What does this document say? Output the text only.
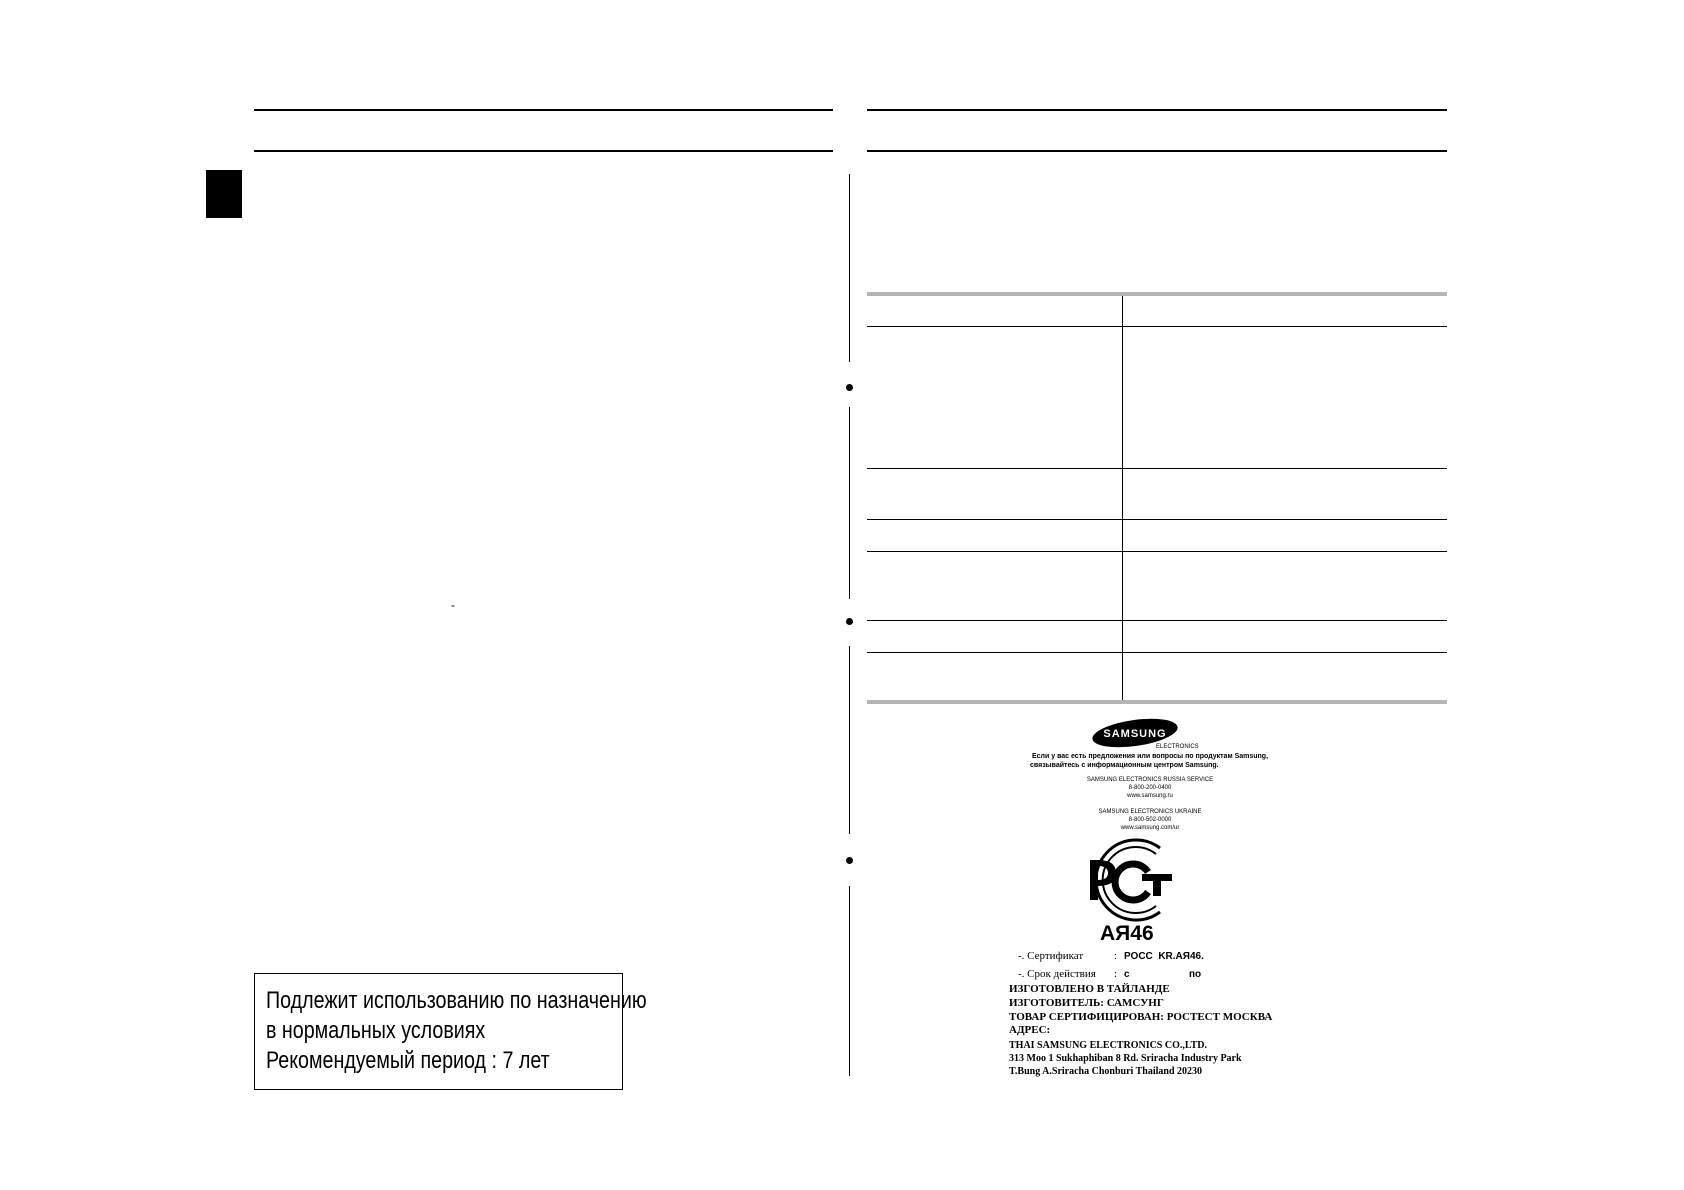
-
Подлежит использованию по назначению
в нормальных условиях
Рекомендуемый период : 7 лет
SAMSUNG
ELECTRONICS
Если у вас есть предложения или вопросы по продуктам Samsung,
связывайтесь с информационным центром Samsung.
SAMSUNG ELECTRONICS RUSSIA SERVICE
8-800-200-0400
www.samsung.ru
SAMSUNG ELECTRONICS UKRAINE
8-800-502-0000
www.samsung.com/ur
АЯ46
-. Сертификат	: РОСС  KR.АЯ46.
-. Срок действия : с	по
ИЗГОТОВЛЕНО В ТАЙЛАНДЕ
ИЗГОТОВИТЕЛЬ: САМСУНГ
ТОВАР СЕРТИФИЦИРОВАН: РОСТЕСТ МОСКВА
АДРЕС:
THAI SAMSUNG ELECTRONICS CO.,LTD.
313 Moo 1 Sukhaphiban 8 Rd. Sriracha Industry Park
T.Bung A.Sriracha Chonburi Thailand 20230
